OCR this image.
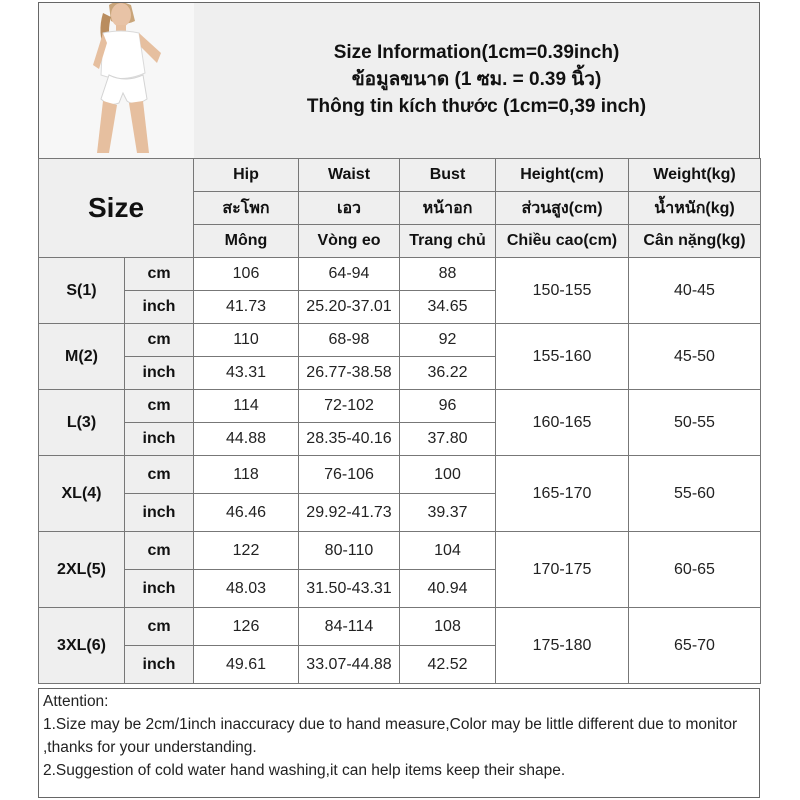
Size Information(1cm=0.39inch)
ข้อมูลขนาด (1 ซม. = 0.39 นิ้ว)
Thông tin kích thước (1cm=0,39 inch)
Size		Hip	Waist	Bust	Height(cm)	Weight(kg)
		สะโพก	เอว	หน้าอก	ส่วนสูง(cm)	น้ำหนัก(kg)
		Mông	Vòng eo	Trang chủ	Chiều cao(cm)	Cân nặng(kg)
S(1)	cm	106	64-94	88	150-155	40-45
	inch	41.73	25.20-37.01	34.65		
M(2)	cm	110	68-98	92	155-160	45-50
	inch	43.31	26.77-38.58	36.22		
L(3)	cm	114	72-102	96	160-165	50-55
	inch	44.88	28.35-40.16	37.80		
XL(4)	cm	118	76-106	100	165-170	55-60
	inch	46.46	29.92-41.73	39.37		
2XL(5)	cm	122	80-110	104	170-175	60-65
	inch	48.03	31.50-43.31	40.94		
3XL(6)	cm	126	84-114	108	175-180	65-70
	inch	49.61	33.07-44.88	42.52		
Attention:
1.Size may be 2cm/1inch inaccuracy due to hand measure,Color may be little different due to monitor ,thanks for your understanding.
2.Suggestion of cold water hand washing,it can help items keep their shape.
